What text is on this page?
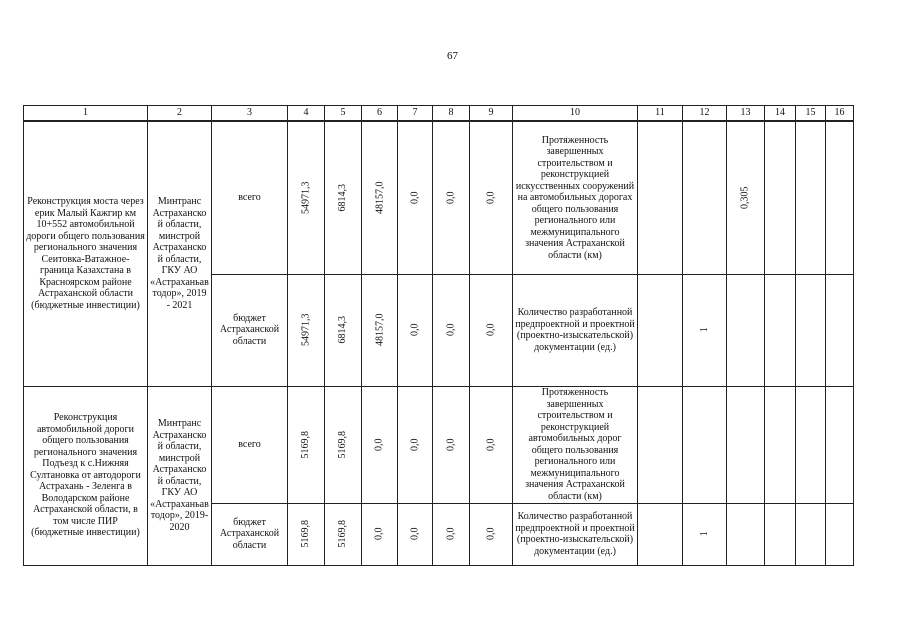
67
1	2	3	4	5	6	7	8	9	10	11	12	13	14	15	16
Реконструкция моста через ерик Малый Кажгир км 10+552 автомобильной дороги общего пользования регионального значения Сеитовка-Ватажное-граница Казахстана в Красноярском районе Астраханской области (бюджетные инвестиции)	Минтранс Астраханской области, минстрой Астраханской области, ГКУ АО «Астраханьавтодор», 2019 - 2021	всего	54971,3	6814,3	48157,0	0,0	0,0	0,0	Протяженность завершенных строительством и реконструкцией искусственных сооружений на автомобильных дорогах общего пользования регионального или межмуниципального значения Астраханской области (км)			0,305			
		бюджет Астраханской области	54971,3	6814,3	48157,0	0,0	0,0	0,0	Количество разработанной предпроектной и проектной (проектно-изыскательской) документации (ед.)		1				
Реконструкция автомобильной дороги общего пользования регионального значения Подъезд к с.Нижняя Султановка от автодороги Астрахань - Зеленга в Володарском районе Астраханской области, в том числе ПИР (бюджетные инвестиции)	Минтранс Астраханской области, минстрой Астраханской области, ГКУ АО «Астраханьавтодор», 2019-2020	всего	5169,8	5169,8	0,0	0,0	0,0	0,0	Протяженность завершенных строительством и реконструкцией автомобильных дорог общего пользования регионального или межмуниципального значения Астраханской области (км)						
		бюджет Астраханской области	5169,8	5169,8	0,0	0,0	0,0	0,0	Количество разработанной предпроектной и проектной (проектно-изыскательской) документации (ед.)		1				
